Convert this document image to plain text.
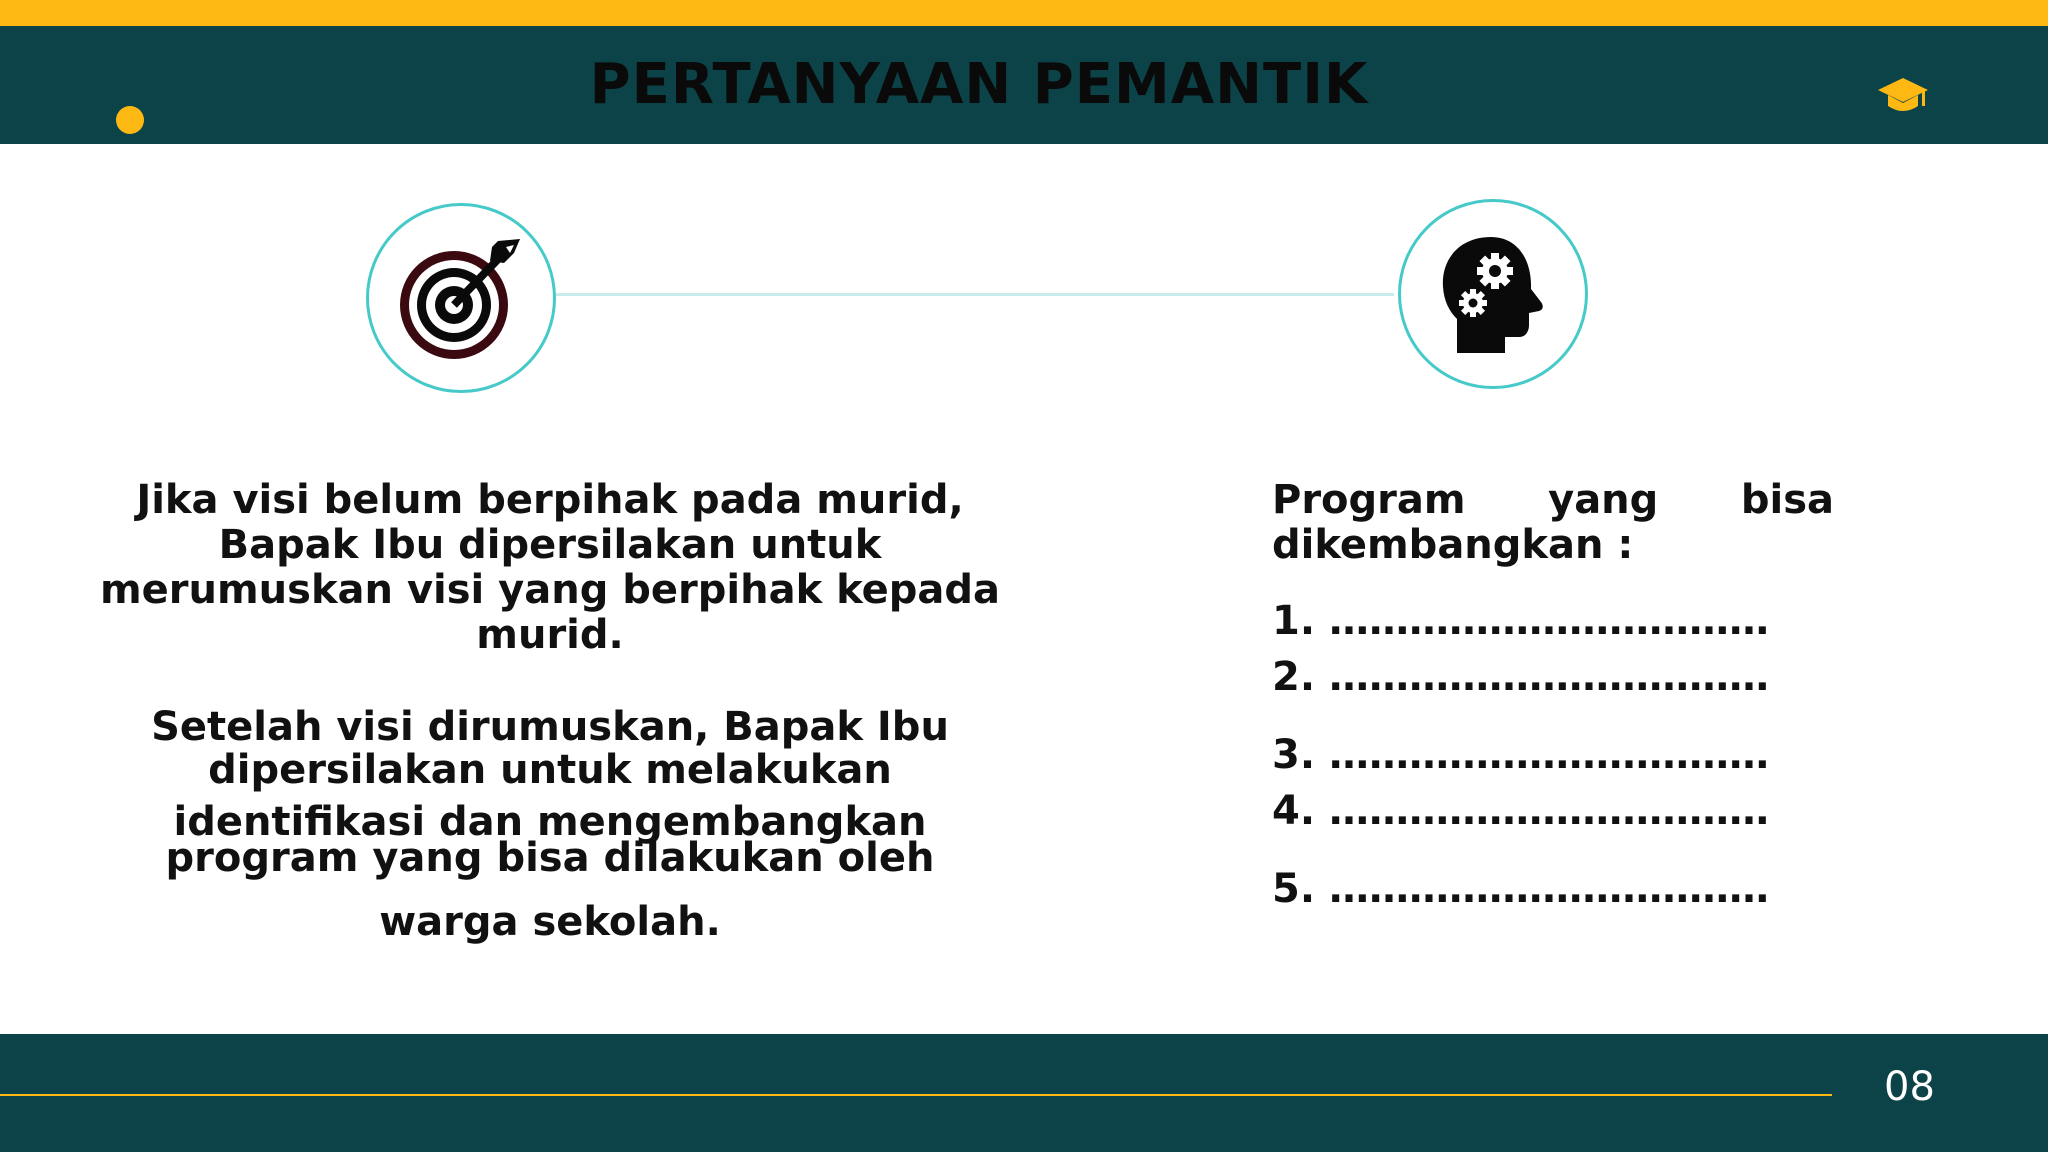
PERTANYAAN PEMANTIK
Jika visi belum berpihak pada murid, Bapak Ibu dipersilakan untuk merumuskan visi yang berpihak kepada murid.
Setelah visi dirumuskan, Bapak Ibu dipersilakan untuk melakukan
identifikasi dan mengembangkan program yang bisa dilakukan oleh
warga sekolah.
Program yang bisa dikembangkan :
1. ……………………………
2. ……………………………
3. ……………………………
4. ……………………………
5. ……………………………
08
